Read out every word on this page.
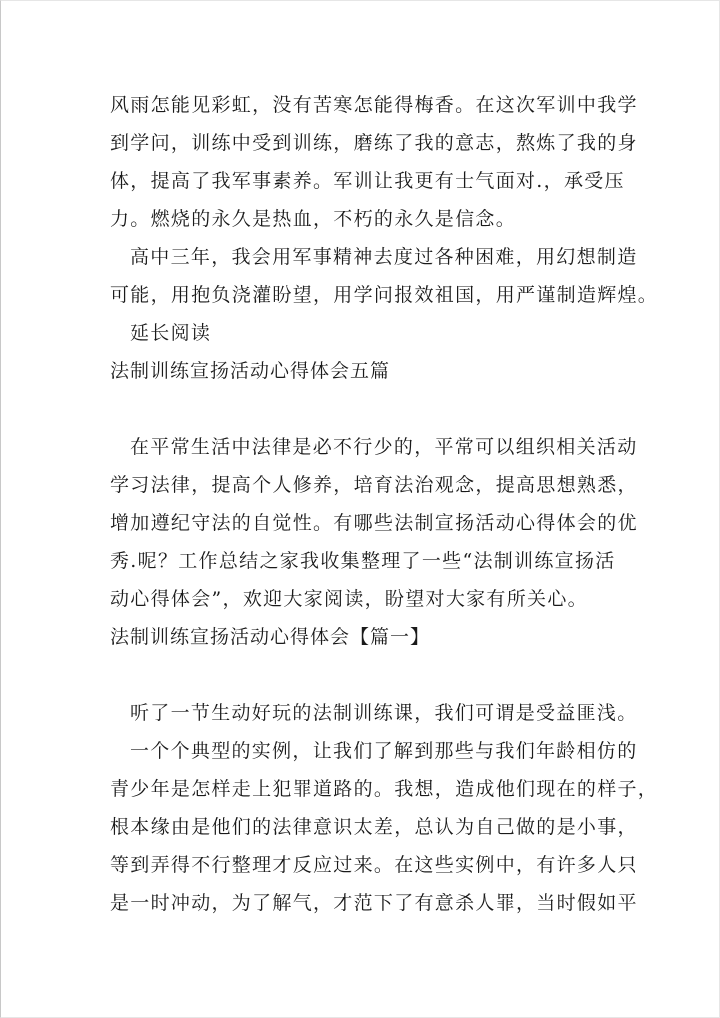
风雨怎能见彩虹，没有苦寒怎能得梅香。在这次军训中我学
到学问，训练中受到训练，磨练了我的意志，熬炼了我的身
体，提高了我军事素养。军训让我更有士气面对.，承受压
力。燃烧的永久是热血，不朽的永久是信念。
高中三年，我会用军事精神去度过各种困难，用幻想制造
可能，用抱负浇灌盼望，用学问报效祖国，用严谨制造辉煌。
延长阅读
法制训练宣扬活动心得体会五篇
在平常生活中法律是必不行少的，平常可以组织相关活动
学习法律，提高个人修养，培育法治观念，提高思想熟悉，
增加遵纪守法的自觉性。有哪些法制宣扬活动心得体会的优
秀.呢？工作总结之家我收集整理了一些“法制训练宣扬活
动心得体会”，欢迎大家阅读，盼望对大家有所关心。
法制训练宣扬活动心得体会【篇一】
听了一节生动好玩的法制训练课，我们可谓是受益匪浅。
一个个典型的实例，让我们了解到那些与我们年龄相仿的
青少年是怎样走上犯罪道路的。我想，造成他们现在的样子，
根本缘由是他们的法律意识太差，总认为自己做的是小事，
等到弄得不行整理才反应过来。在这些实例中，有许多人只
是一时冲动，为了解气，才范下了有意杀人罪，当时假如平
